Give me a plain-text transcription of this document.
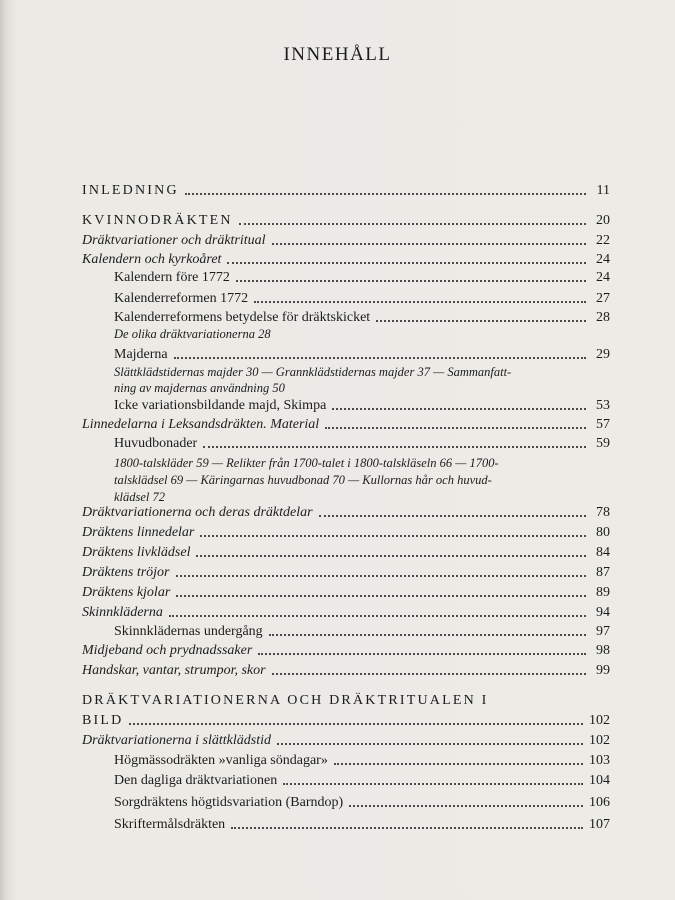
INNEHÅLL
INLEDNING	11
KVINNODRÄKTEN	20
Dräktvariationer och dräktritual	22
Kalendern och kyrkoåret	24
Kalendern före 1772	24
Kalenderreformen 1772	27
Kalenderreformens betydelse för dräktskicket	28
De olika dräktvariationerna 28
Majderna	29
Slättklädstidernas majder 30 — Grannklädstidernas majder 37 — Sammanfatt-
ning av majdernas användning 50
Icke variationsbildande majd, Skimpa	53
Linnedelarna i Leksandsdräkten. Material	57
Huvudbonader	59
1800-talskläder 59 — Relikter från 1700-talet i 1800-talskläseln 66 — 1700-
talsklädsel 69 — Käringarnas huvudbonad 70 — Kullornas hår och huvud-
klädsel 72
Dräktvariationerna och deras dräktdelar	78
Dräktens linnedelar	80
Dräktens livklädsel	84
Dräktens tröjor	87
Dräktens kjolar	89
Skinnkläderna	94
Skinnklädernas undergång	97
Midjeband och prydnadssaker	98
Handskar, vantar, strumpor, skor	99
DRÄKTVARIATIONERNA OCH DRÄKTRITUALEN I
BILD	102
Dräktvariationerna i slättklädstid	102
Högmässodräkten »vanliga söndagar»	103
Den dagliga dräktvariationen	104
Sorgdräktens högtidsvariation (Barndop)	106
Skriftermålsdräkten	107
